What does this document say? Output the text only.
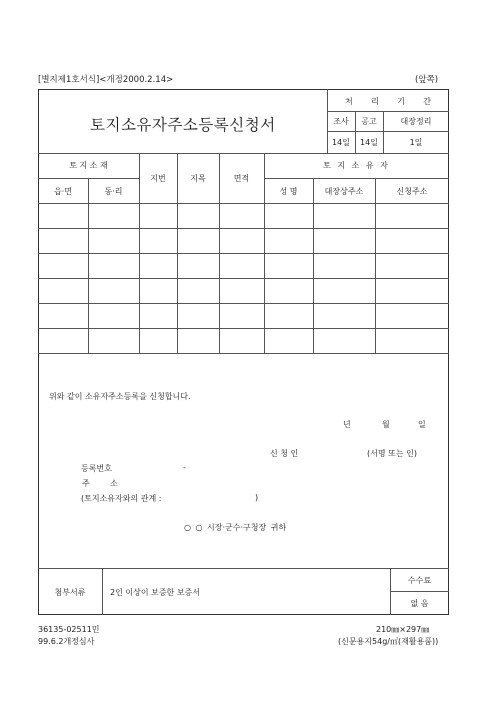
[별지제1호서식]<개정2000.2.14>	(앞쪽)
토지소유자주소등록신청서
처 리 기 간
조사	공고	대장정리
14일	14일	1일
토 지 소 재
읍·면	동·리
지번	지목	면적
토 지 소 유 자
성 명	대장상주소	신청주소
위와 같이 소유자주소등록을 신청합니다.
년	월	일
신 청 인	(서명 또는 인)
등록번호	-
주	소
(토지소유자와의 관계 :	)
○ ○ 시장·군수·구청장 귀하
첨부서류	2인 이상이 보증한 보증서
수수료
없 음
36135-02511민
99.6.2개정심사
210㎜×297㎜
(신문용지54g/㎡(재활용품))
